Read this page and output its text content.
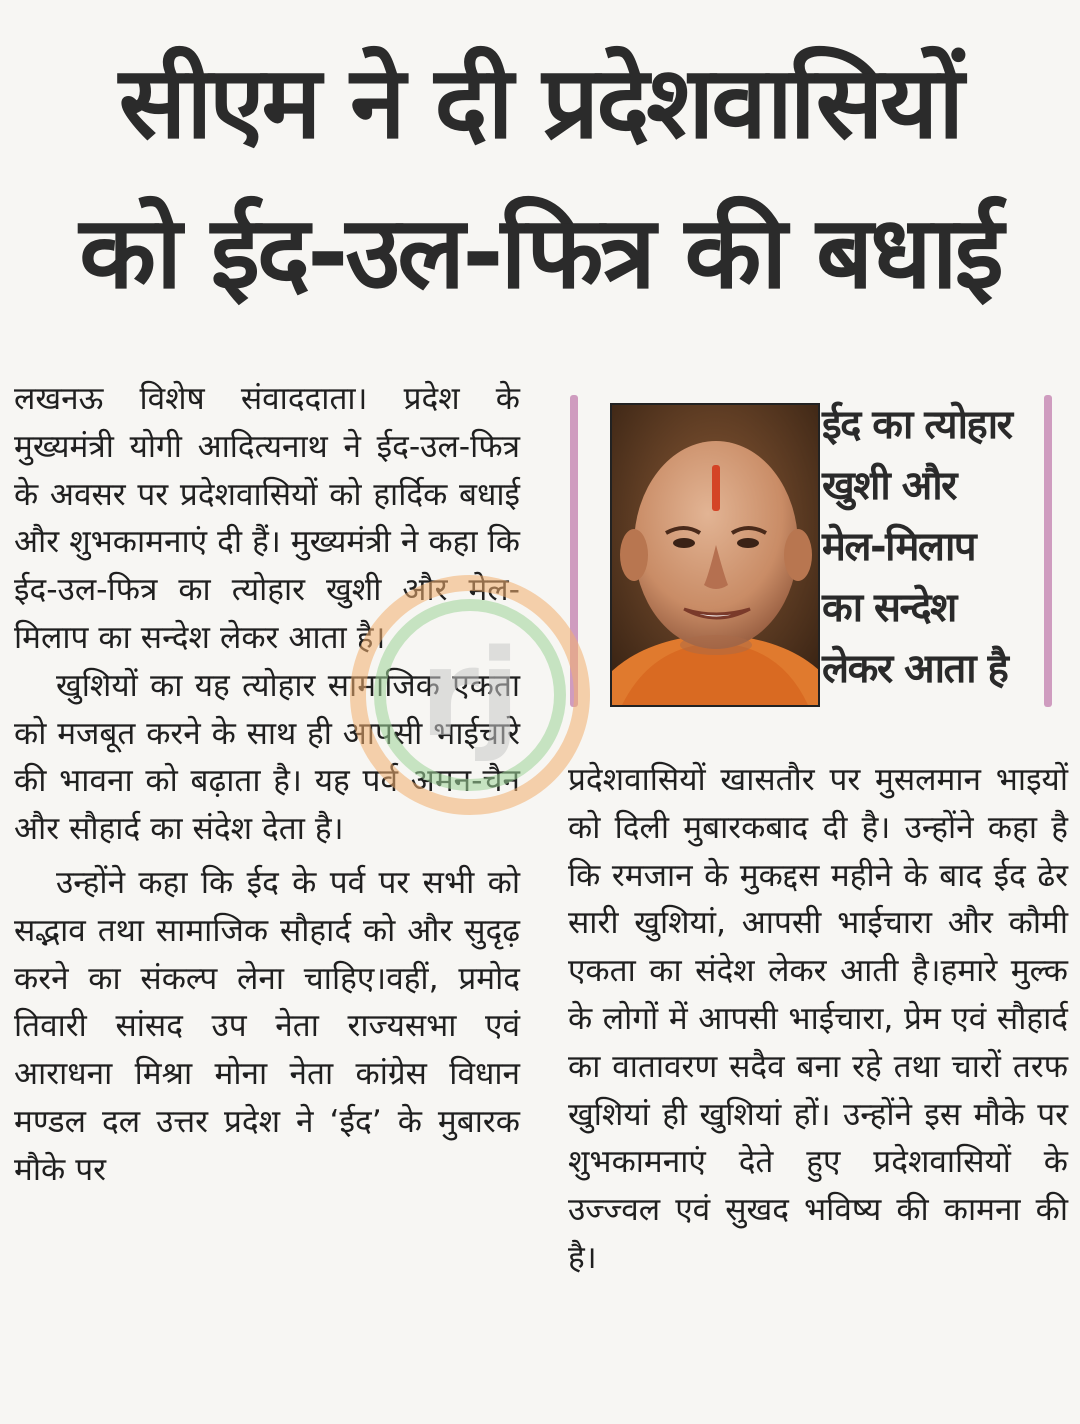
सीएम ने दी प्रदेशवासियों
को ईद-उल-फित्र की बधाई

लखनऊ विशेष संवाददाता। प्रदेश के मुख्यमंत्री योगी आदित्यनाथ ने ईद-उल-फित्र के अवसर पर प्रदेशवासियों को हार्दिक बधाई और शुभकामनाएं दी हैं। मुख्यमंत्री ने कहा कि ईद-उल-फित्र का त्योहार खुशी और मेल-मिलाप का सन्देश लेकर आता है।

खुशियों का यह त्योहार सामाजिक एकता को मजबूत करने के साथ ही आपसी भाईचारे की भावना को बढ़ाता है। यह पर्व अमन-चैन और सौहार्द का संदेश देता है।

उन्होंने कहा कि ईद के पर्व पर सभी को सद्भाव तथा सामाजिक सौहार्द को और सुदृढ़ करने का संकल्प लेना चाहिए।वहीं, प्रमोद तिवारी सांसद उप नेता राज्यसभा एवं आराधना मिश्रा मोना नेता कांग्रेस विधान मण्डल दल उत्तर प्रदेश ने ‘ईद’ के मुबारक मौके पर

ईद का त्योहार
खुशी और
मेल-मिलाप
का सन्देश
लेकर आता है

प्रदेशवासियों खासतौर पर मुसलमान भाइयों को दिली मुबारकबाद दी है। उन्होंने कहा है कि रमजान के मुकद्दस महीने के बाद ईद ढेर सारी खुशियां, आपसी भाईचारा और कौमी एकता का संदेश लेकर आती है।हमारे मुल्क के लोगों में आपसी भाईचारा, प्रेम एवं सौहार्द का वातावरण सदैव बना रहे तथा चारों तरफ खुशियां ही खुशियां हों। उन्होंने इस मौके पर शुभकामनाएं देते हुए प्रदेशवासियों के उज्ज्वल एवं सुखद भविष्य की कामना की है।

rj
